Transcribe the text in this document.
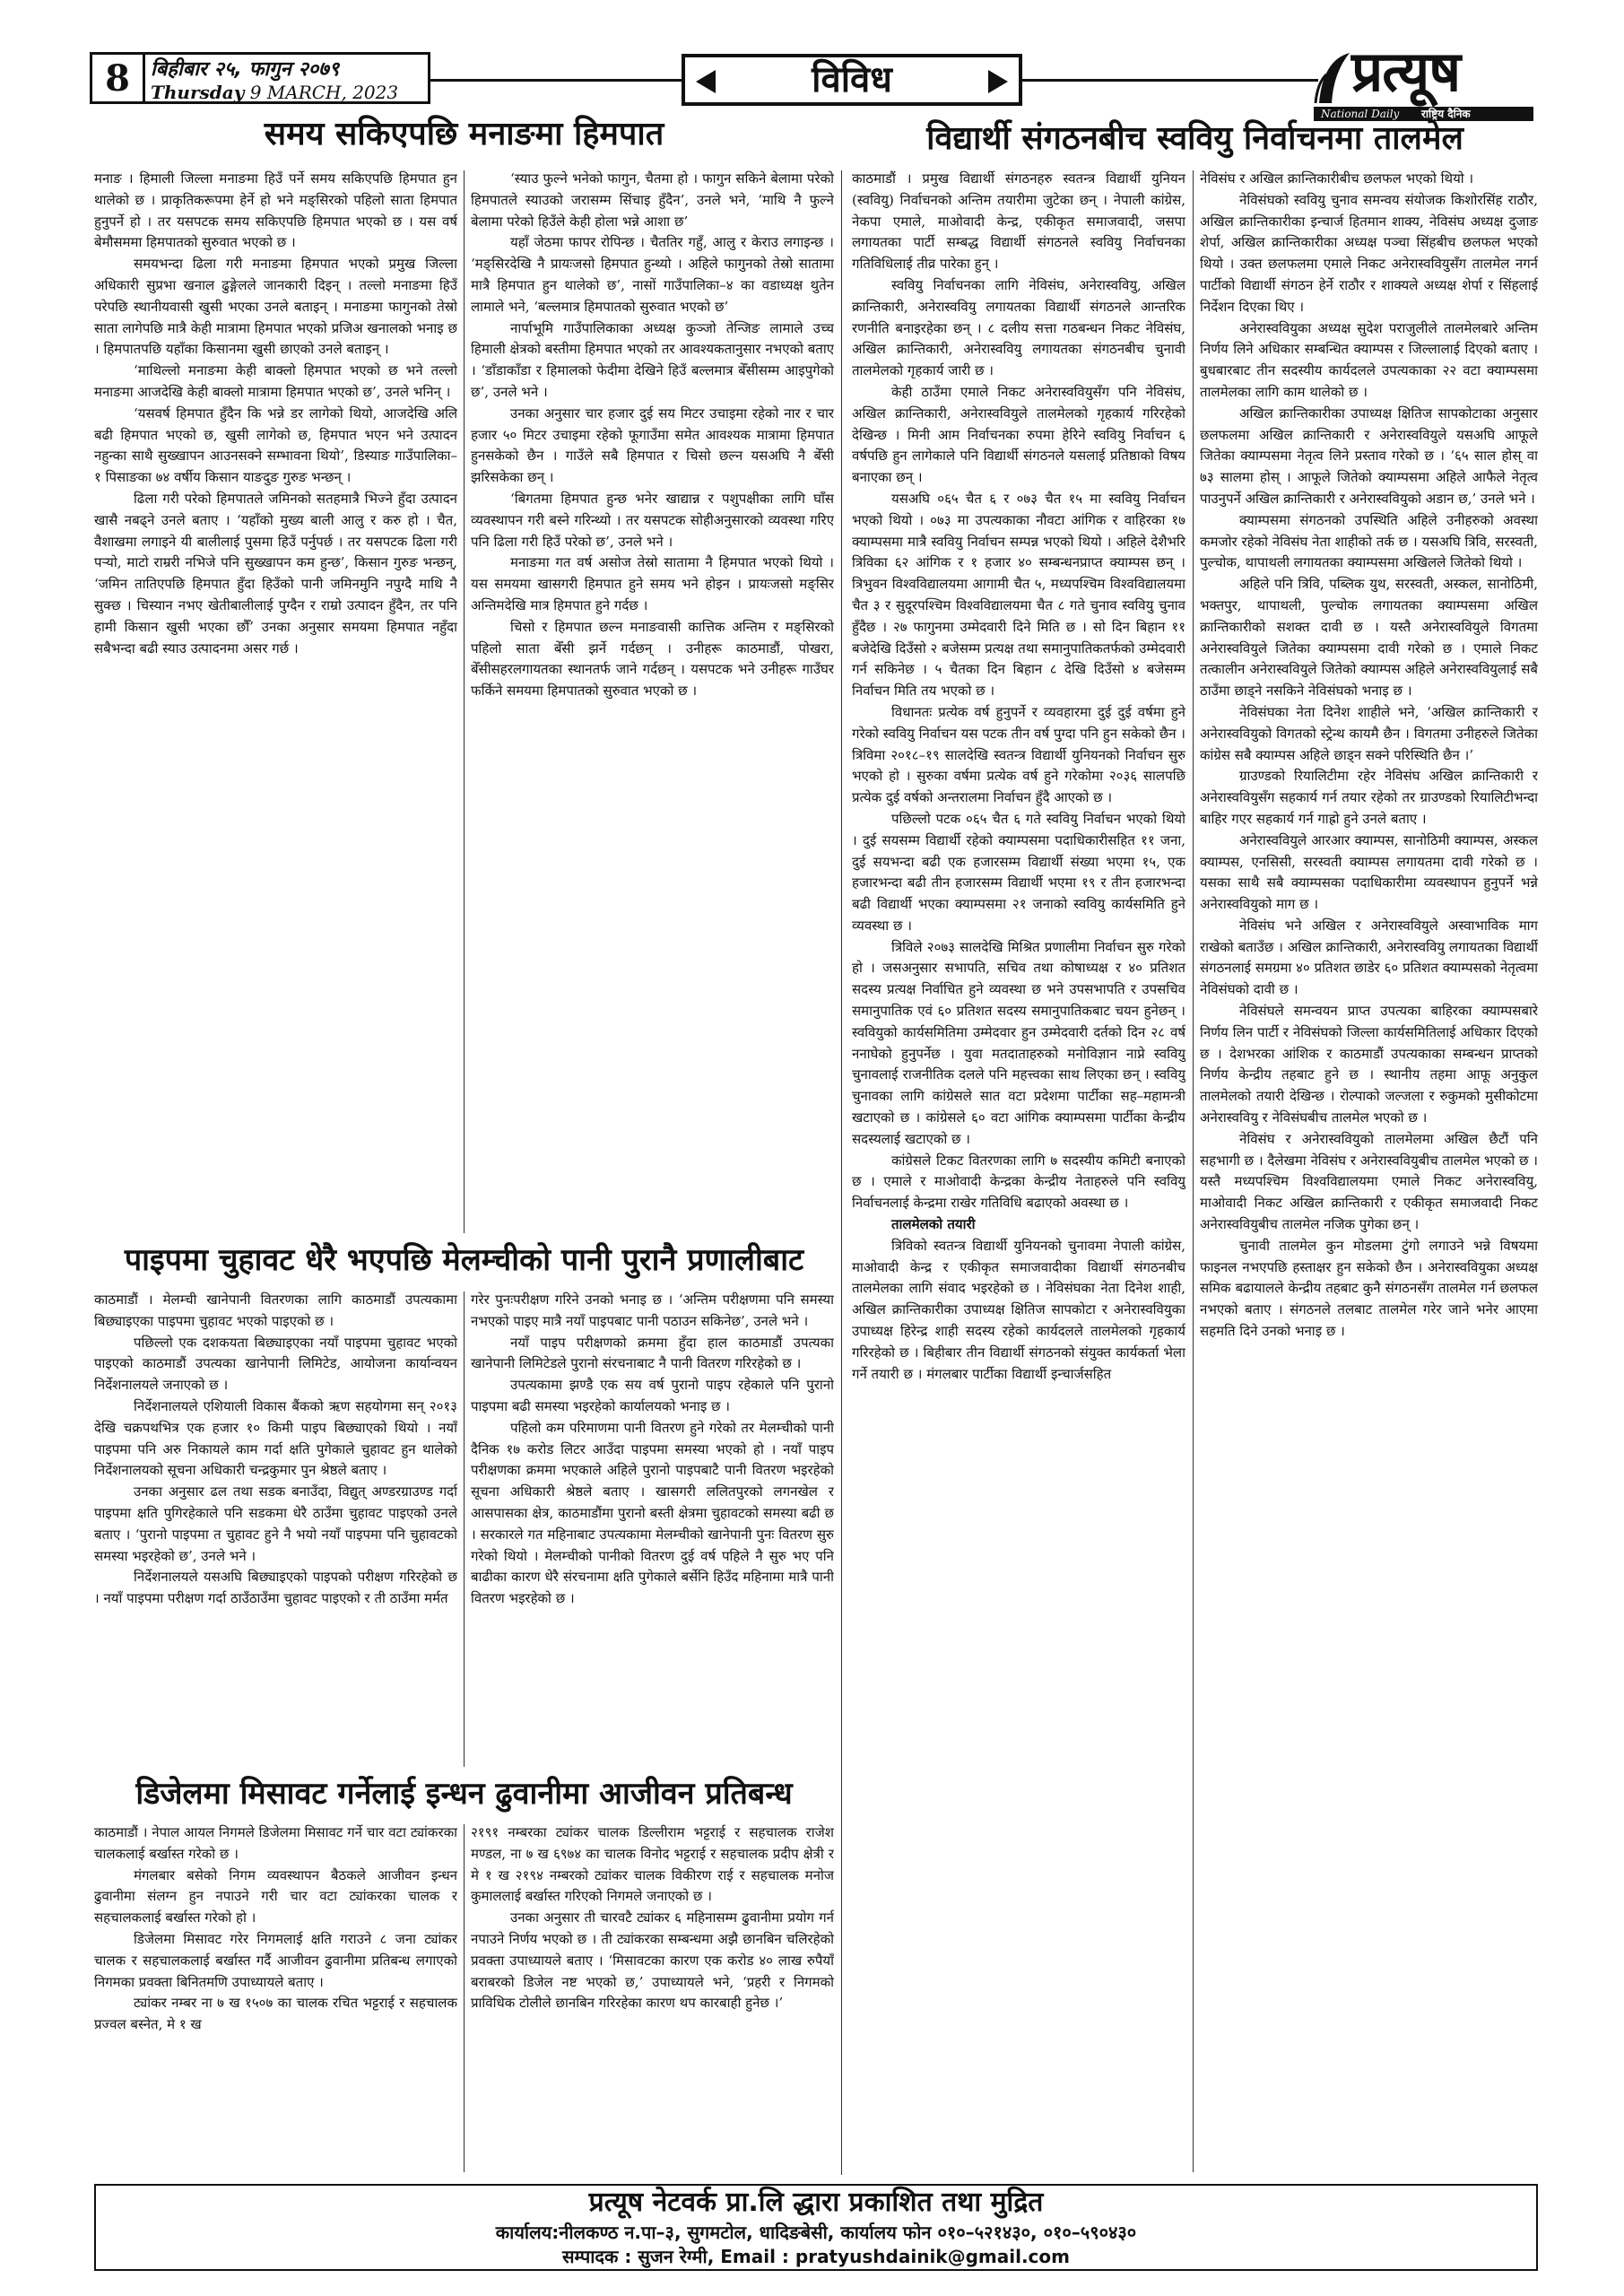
8	बिहीबार २५, फागुन २०७९
Thursday 9 MARCH, 2023	विविध	प्रत्यूष
National Daily राष्ट्रिय दैनिक
समय सकिएपछि मनाङमा हिमपात

मनाङ । हिमाली जिल्ला मनाङमा हिउँ पर्ने समय सकिएपछि हिमपात हुन थालेको छ । प्राकृतिकरूपमा हेर्ने हो भने मङ्सिरको पहिलो साता हिमपात हुनुपर्ने हो । तर यसपटक समय सकिएपछि हिमपात भएको छ । यस वर्ष बेमौसममा हिमपातको सुरुवात भएको छ ।

समयभन्दा ढिला गरी मनाङमा हिमपात भएको प्रमुख जिल्ला अधिकारी सुप्रभा खनाल ढुङ्गेलले जानकारी दिइन् । तल्लो मनाङमा हिउँ परेपछि स्थानीयवासी खुसी भएका उनले बताइन् । मनाङमा फागुनको तेस्रो साता लागेपछि मात्रै केही मात्रामा हिमपात भएको प्रजिअ खनालको भनाइ छ । हिमपातपछि यहाँका किसानमा खुसी छाएको उनले बताइन् ।

‘माथिल्लो मनाङमा केही बाक्लो हिमपात भएको छ भने तल्लो मनाङमा आजदेखि केही बाक्लो मात्रामा हिमपात भएको छ’, उनले भनिन् ।

‘यसवर्ष हिमपात हुँदैन कि भन्ने डर लागेको थियो, आजदेखि अलि बढी हिमपात भएको छ, खुसी लागेको छ, हिमपात भएन भने उत्पादन नहुन्का साथै सुख्खापन आउनसक्ने सम्भावना थियो’, डिस्याङ गाउँपालिका–१ पिसाङका ७४ वर्षीय किसान याङदुङ गुरुङ भन्छन् ।

ढिला गरी परेको हिमपातले जमिनको सतहमात्रै भिज्ने हुँदा उत्पादन खासै नबढ्ने उनले बताए । ‘यहाँको मुख्य बाली आलु र करु हो । चैत, वैशाखमा लगाइने यी बालीलाई पुसमा हिउँ पर्नुपर्छ । तर यसपटक ढिला गरी पऱ्यो, माटो राम्ररी नभिजे पनि सुख्खापन कम हुन्छ’, किसान गुरुङ भन्छन्, ‘जमिन तातिएपछि हिमपात हुँदा हिउँको पानी जमिनमुनि नपुग्दै माथि नै सुक्छ । चिस्यान नभए खेतीबालीलाई पुग्दैन र राम्रो उत्पादन हुँदैन, तर पनि हामी किसान खुसी भएका छौँ’ उनका अनुसार समयमा हिमपात नहुँदा सबैभन्दा बढी स्याउ उत्पादनमा असर गर्छ ।

‘स्याउ फुल्ने भनेको फागुन, चैतमा हो । फागुन सकिने बेलामा परेको हिमपातले स्याउको जरासम्म सिंचाइ हुँदैन’, उनले भने, ‘माथि नै फुल्ने बेलामा परेको हिउँले केही होला भन्ने आशा छ’

यहाँ जेठमा फापर रोपिन्छ । चैततिर गहुँ, आलु र केराउ लगाइन्छ । ‘मङ्सिरदेखि नै प्रायःजसो हिमपात हुन्थ्यो । अहिले फागुनको तेस्रो सातामा मात्रै हिमपात हुन थालेको छ’, नासों गाउँपालिका–४ का वडाध्यक्ष थुतेन लामाले भने, ‘बल्लमात्र हिमपातको सुरुवात भएको छ’

नार्पाभूमि गाउँपालिकाका अध्यक्ष कुञ्जो तेन्जिङ लामाले उच्च हिमाली क्षेत्रको बस्तीमा हिमपात भएको तर आवश्यकतानुसार नभएको बताए । ‘डाँडाकाँडा र हिमालको फेदीमा देखिने हिउँ बल्लमात्र बेँसीसम्म आइपुगेको छ’, उनले भने ।

उनका अनुसार चार हजार दुई सय मिटर उचाइमा रहेको नार र चार हजार ५० मिटर उचाइमा रहेको फूगाउँमा समेत आवश्यक मात्रामा हिमपात हुनसकेको छैन । गाउँले सबै हिमपात र चिसो छल्न यसअघि नै बेँसी झरिसकेका छन् ।

‘बिगतमा हिमपात हुन्छ भनेर खाद्यान्न र पशुपक्षीका लागि घाँस व्यवस्थापन गरी बस्ने गरिन्थ्यो । तर यसपटक सोहीअनुसारको व्यवस्था गरिए पनि ढिला गरी हिउँ परेको छ’, उनले भने ।

मनाङमा गत वर्ष असोज तेस्रो सातामा नै हिमपात भएको थियो । यस समयमा खासगरी हिमपात हुने समय भने होइन । प्रायःजसो मङ्सिर अन्तिमदेखि मात्र हिमपात हुने गर्दछ ।

चिसो र हिमपात छल्न मनाङवासी कात्तिक अन्तिम र मङ्सिरको पहिलो साता बेँसी झर्ने गर्दछन् । उनीहरू काठमाडौं, पोखरा, बेँसीसहरलगायतका स्थानतर्फ जाने गर्दछन् । यसपटक भने उनीहरू गाउँघर फर्किने समयमा हिमपातको सुरुवात भएको छ ।

पाइपमा चुहावट धेरै भएपछि मेलम्चीको पानी पुरानै प्रणालीबाट

काठमाडौं । मेलम्ची खानेपानी वितरणका लागि काठमाडौं उपत्यकामा बिछ्याइएका पाइपमा चुहावट भएको पाइएको छ ।

पछिल्लो एक दशकयता बिछ्याइएका नयाँ पाइपमा चुहावट भएको पाइएको काठमाडौं उपत्यका खानेपानी लिमिटेड, आयोजना कार्यान्वयन निर्देशनालयले जनाएको छ ।

निर्देशनालयले एशियाली विकास बैंकको ऋण सहयोगमा सन् २०१३ देखि चक्रपथभित्र एक हजार १० किमी पाइप बिछ्याएको थियो । नयाँ पाइपमा पनि अरु निकायले काम गर्दा क्षति पुगेकाले चुहावट हुन थालेको निर्देशनालयको सूचना अधिकारी चन्द्रकुमार पुन श्रेष्ठले बताए ।

उनका अनुसार ढल तथा सडक बनाउँदा, विद्युत् अण्डरग्राउण्ड गर्दा पाइपमा क्षति पुगिरहेकाले पनि सडकमा धेरै ठाउँमा चुहावट पाइएको उनले बताए । ‘पुरानो पाइपमा त चुहावट हुने नै भयो नयाँ पाइपमा पनि चुहावटको समस्या भइरहेको छ’, उनले भने ।

निर्देशनालयले यसअघि बिछ्याइएको पाइपको परीक्षण गरिरहेको छ । नयाँ पाइपमा परीक्षण गर्दा ठाउँठाउँमा चुहावट पाइएको र ती ठाउँमा मर्मत

गरेर पुनःपरीक्षण गरिने उनको भनाइ छ । ‘अन्तिम परीक्षणमा पनि समस्या नभएको पाइए मात्रै नयाँ पाइपबाट पानी पठाउन सकिनेछ’, उनले भने ।

नयाँ पाइप परीक्षणको क्रममा हुँदा हाल काठमाडौं उपत्यका खानेपानी लिमिटेडले पुरानो संरचनाबाट नै पानी वितरण गरिरहेको छ ।

उपत्यकामा झण्डै एक सय वर्ष पुरानो पाइप रहेकाले पनि पुरानो पाइपमा बढी समस्या भइरहेको कार्यालयको भनाइ छ ।

पहिलो कम परिमाणमा पानी वितरण हुने गरेको तर मेलम्चीको पानी दैनिक १७ करोड लिटर आउँदा पाइपमा समस्या भएको हो । नयाँ पाइप परीक्षणका क्रममा भएकाले अहिले पुरानो पाइपबाटै पानी वितरण भइरहेको सूचना अधिकारी श्रेष्ठले बताए । खासगरी ललितपुरको लगनखेल र आसपासका क्षेत्र, काठमाडौंमा पुरानो बस्ती क्षेत्रमा चुहावटको समस्या बढी छ । सरकारले गत महिनाबाट उपत्यकामा मेलम्चीको खानेपानी पुनः वितरण सुरु गरेको थियो । मेलम्चीको पानीको वितरण दुई वर्ष पहिले नै सुरु भए पनि बाढीका कारण धेरै संरचनामा क्षति पुगेकाले बर्सेनि हिउँद महिनामा मात्रै पानी वितरण भइरहेको छ ।

डिजेलमा मिसावट गर्नेलाई इन्धन ढुवानीमा आजीवन प्रतिबन्ध

काठमाडौं । नेपाल आयल निगमले डिजेलमा मिसावट गर्ने चार वटा ट्यांकरका चालकलाई बर्खास्त गरेको छ ।

मंगलबार बसेको निगम व्यवस्थापन बैठकले आजीवन इन्धन ढुवानीमा संलग्न हुन नपाउने गरी चार वटा ट्यांकरका चालक र सहचालकलाई बर्खास्त गरेको हो ।

डिजेलमा मिसावट गरेर निगमलाई क्षति गराउने ८ जना ट्यांकर चालक र सहचालकलाई बर्खास्त गर्दै आजीवन ढुवानीमा प्रतिबन्ध लगाएको निगमका प्रवक्ता बिनितमणि उपाध्यायले बताए ।

ट्यांकर नम्बर ना ७ ख १५०७ का चालक रचित भट्टराई र सहचालक प्रज्वल बस्नेत, मे १ ख

२१९१ नम्बरका ट्यांकर चालक डिल्लीराम भट्टराई र सहचालक राजेश मण्डल, ना ७ ख ६९७४ का चालक विनोद भट्टराई र सहचालक प्रदीप क्षेत्री र मे १ ख २१९४ नम्बरको ट्यांकर चालक विकीरण राई र सहचालक मनोज कुमाललाई बर्खास्त गरिएको निगमले जनाएको छ ।

उनका अनुसार ती चारवटै ट्यांकर ६ महिनासम्म ढुवानीमा प्रयोग गर्न नपाउने निर्णय भएको छ । ती ट्यांकरका सम्बन्धमा अझै छानबिन चलिरहेको प्रवक्ता उपाध्यायले बताए । ‘मिसावटका कारण एक करोड ४० लाख रुपैयाँ बराबरको डिजेल नष्ट भएको छ,’ उपाध्यायले भने, ‘प्रहरी र निगमको प्राविधिक टोलीले छानबिन गरिरहेका कारण थप कारबाही हुनेछ ।’

विद्यार्थी संगठनबीच स्ववियु निर्वाचनमा तालमेल

काठमाडौं । प्रमुख विद्यार्थी संगठनहरु स्वतन्त्र विद्यार्थी युनियन (स्ववियु) निर्वाचनको अन्तिम तयारीमा जुटेका छन् । नेपाली कांग्रेस, नेकपा एमाले, माओवादी केन्द्र, एकीकृत समाजवादी, जसपा लगायतका पार्टी सम्बद्ध विद्यार्थी संगठनले स्ववियु निर्वाचनका गतिविधिलाई तीव्र पारेका हुन् ।

स्ववियु निर्वाचनका लागि नेविसंघ, अनेरास्ववियु, अखिल क्रान्तिकारी, अनेरास्ववियु लगायतका विद्यार्थी संगठनले आन्तरिक रणनीति बनाइरहेका छन् । ८ दलीय सत्ता गठबन्धन निकट नेविसंघ, अखिल क्रान्तिकारी, अनेरास्ववियु लगायतका संगठनबीच चुनावी तालमेलको गृहकार्य जारी छ ।

केही ठाउँमा एमाले निकट अनेरास्ववियुसँग पनि नेविसंघ, अखिल क्रान्तिकारी, अनेरास्ववियुले तालमेलको गृहकार्य गरिरहेको देखिन्छ । मिनी आम निर्वाचनका रुपमा हेरिने स्ववियु निर्वाचन ६ वर्षपछि हुन लागेकाले पनि विद्यार्थी संगठनले यसलाई प्रतिष्ठाको विषय बनाएका छन् ।

यसअघि ०६५ चैत ६ र ०७३ चैत १५ मा स्ववियु निर्वाचन भएको थियो । ०७३ मा उपत्यकाका नौवटा आंगिक र वाहिरका १७ क्याम्पसमा मात्रै स्ववियु निर्वाचन सम्पन्न भएको थियो । अहिले देशैभरि त्रिविका ६२ आंगिक र १ हजार ४० सम्बन्धनप्राप्त क्याम्पस छन् । त्रिभुवन विश्वविद्यालयमा आगामी चैत ५, मध्यपश्चिम विश्वविद्यालयमा चैत ३ र सुदूरपश्चिम विश्वविद्यालयमा चैत ८ गते चुनाव स्ववियु चुनाव हुँदैछ । २७ फागुनमा उम्मेदवारी दिने मिति छ । सो दिन बिहान ११ बजेदेखि दिउँसो २ बजेसम्म प्रत्यक्ष तथा समानुपातिकतर्फको उम्मेदवारी गर्न सकिनेछ । ५ चैतका दिन बिहान ८ देखि दिउँसो ४ बजेसम्म निर्वाचन मिति तय भएको छ ।

विधानतः प्रत्येक वर्ष हुनुपर्ने र व्यवहारमा दुई दुई वर्षमा हुने गरेको स्ववियु निर्वाचन यस पटक तीन वर्ष पुग्दा पनि हुन सकेको छैन । त्रिविमा २०१८–१९ सालदेखि स्वतन्त्र विद्यार्थी युनियनको निर्वाचन सुरु भएको हो । सुरुका वर्षमा प्रत्येक वर्ष हुने गरेकोमा २०३६ सालपछि प्रत्येक दुई वर्षको अन्तरालमा निर्वाचन हुँदै आएको छ ।

पछिल्लो पटक ०६५ चैत ६ गते स्ववियु निर्वाचन भएको थियो । दुई सयसम्म विद्यार्थी रहेको क्याम्पसमा पदाधिकारीसहित ११ जना, दुई सयभन्दा बढी एक हजारसम्म विद्यार्थी संख्या भएमा १५, एक हजारभन्दा बढी तीन हजारसम्म विद्यार्थी भएमा १९ र तीन हजारभन्दा बढी विद्यार्थी भएका क्याम्पसमा २१ जनाको स्ववियु कार्यसमिति हुने व्यवस्था छ ।

त्रिविले २०७३ सालदेखि मिश्रित प्रणालीमा निर्वाचन सुरु गरेको हो । जसअनुसार सभापति, सचिव तथा कोषाध्यक्ष र ४० प्रतिशत सदस्य प्रत्यक्ष निर्वाचित हुने व्यवस्था छ भने उपसभापति र उपसचिव समानुपातिक एवं ६० प्रतिशत सदस्य समानुपातिकबाट चयन हुनेछन् । स्ववियुको कार्यसमितिमा उम्मेदवार हुन उम्मेदवारी दर्तको दिन २८ वर्ष ननाघेको हुनुपर्नेछ । युवा मतदाताहरुको मनोविज्ञान नाप्ने स्ववियु चुनावलाई राजनीतिक दलले पनि महत्त्वका साथ लिएका छन् । स्ववियु चुनावका लागि कांग्रेसले सात वटा प्रदेशमा पार्टीका सह–महामन्त्री खटाएको छ । कांग्रेसले ६० वटा आंगिक क्याम्पसमा पार्टीका केन्द्रीय सदस्यलाई खटाएको छ ।

कांग्रेसले टिकट वितरणका लागि ७ सदस्यीय कमिटी बनाएको छ । एमाले र माओवादी केन्द्रका केन्द्रीय नेताहरुले पनि स्ववियु निर्वाचनलाई केन्द्रमा राखेर गतिविधि बढाएको अवस्था छ ।

तालमेलको तयारी

त्रिविको स्वतन्त्र विद्यार्थी युनियनको चुनावमा नेपाली कांग्रेस, माओवादी केन्द्र र एकीकृत समाजवादीका विद्यार्थी संगठनबीच तालमेलका लागि संवाद भइरहेको छ । नेविसंघका नेता दिनेश शाही, अखिल क्रान्तिकारीका उपाध्यक्ष क्षितिज सापकोटा र अनेरास्ववियुका उपाध्यक्ष हिरेन्द्र शाही सदस्य रहेको कार्यदलले तालमेलको गृहकार्य गरिरहेको छ । बिहीबार तीन विद्यार्थी संगठनको संयुक्त कार्यकर्ता भेला गर्ने तयारी छ । मंगलबार पार्टीका विद्यार्थी इन्चार्जसहित

नेविसंघ र अखिल क्रान्तिकारीबीच छलफल भएको थियो ।

नेविसंघको स्ववियु चुनाव समन्वय संयोजक किशोरसिंह राठौर, अखिल क्रान्तिकारीका इन्चार्ज हितमान शाक्य, नेविसंघ अध्यक्ष दुजाङ शेर्पा, अखिल क्रान्तिकारीका अध्यक्ष पञ्चा सिंहबीच छलफल भएको थियो । उक्त छलफलमा एमाले निकट अनेरास्ववियुसँग तालमेल नगर्न पार्टीको विद्यार्थी संगठन हेर्ने राठौर र शाक्यले अध्यक्ष शेर्पा र सिंहलाई निर्देशन दिएका थिए ।

अनेरास्ववियुका अध्यक्ष सुदेश पराजुलीले तालमेलबारे अन्तिम निर्णय लिने अधिकार सम्बन्धित क्याम्पस र जिल्लालाई दिएको बताए । बुधबारबाट तीन सदस्यीय कार्यदलले उपत्यकाका २२ वटा क्याम्पसमा तालमेलका लागि काम थालेको छ ।

अखिल क्रान्तिकारीका उपाध्यक्ष क्षितिज सापकोटाका अनुसार छलफलमा अखिल क्रान्तिकारी र अनेरास्ववियुले यसअघि आफूले जितेका क्याम्पसमा नेतृत्व लिने प्रस्ताव गरेको छ । ‘६५ साल होस् वा ७३ सालमा होस् । आफूले जितेको क्याम्पसमा अहिले आफैले नेतृत्व पाउनुपर्ने अखिल क्रान्तिकारी र अनेरास्ववियुको अडान छ,’ उनले भने ।

क्याम्पसमा संगठनको उपस्थिति अहिले उनीहरुको अवस्था कमजोर रहेको नेविसंघ नेता शाहीको तर्क छ । यसअघि त्रिवि, सरस्वती, पुल्चोक, थापाथली लगायतका क्याम्पसमा अखिलले जितेको थियो ।

अहिले पनि त्रिवि, पब्लिक युथ, सरस्वती, अस्कल, सानोठिमी, भक्तपुर, थापाथली, पुल्चोक लगायतका क्याम्पसमा अखिल क्रान्तिकारीको सशक्त दावी छ । यस्तै अनेरास्ववियुले विगतमा अनेरास्ववियुले जितेका क्याम्पसमा दावी गरेको छ । एमाले निकट तत्कालीन अनेरास्ववियुले जितेको क्याम्पस अहिले अनेरास्ववियुलाई सबै ठाउँमा छाड्ने नसकिने नेविसंघको भनाइ छ ।

नेविसंघका नेता दिनेश शाहीले भने, ‘अखिल क्रान्तिकारी र अनेरास्ववियुको विगतको स्ट्रेन्थ कायमै छैन । विगतमा उनीहरुले जितेका कांग्रेस सबै क्याम्पस अहिले छाड्न सक्ने परिस्थिति छैन ।’

ग्राउण्डको रियालिटीमा रहेर नेविसंघ अखिल क्रान्तिकारी र अनेरास्ववियुसँग सहकार्य गर्न तयार रहेको तर ग्राउण्डको रियालिटीभन्दा बाहिर गएर सहकार्य गर्न गाह्रो हुने उनले बताए ।

अनेरास्ववियुले आरआर क्याम्पस, सानोठिमी क्याम्पस, अस्कल क्याम्पस, एनसिसी, सरस्वती क्याम्पस लगायतमा दावी गरेको छ । यसका साथै सबै क्याम्पसका पदाधिकारीमा व्यवस्थापन हुनुपर्ने भन्ने अनेरास्ववियुको माग छ ।

नेविसंघ भने अखिल र अनेरास्ववियुले अस्वाभाविक माग राखेको बताउँछ । अखिल क्रान्तिकारी, अनेरास्ववियु लगायतका विद्यार्थी संगठनलाई समग्रमा ४० प्रतिशत छाडेर ६० प्रतिशत क्याम्पसको नेतृत्वमा नेविसंघको दावी छ ।

नेविसंघले समन्वयन प्राप्त उपत्यका बाहिरका क्याम्पसबारे निर्णय लिन पार्टी र नेविसंघको जिल्ला कार्यसमितिलाई अधिकार दिएको छ । देशभरका आंशिक र काठमाडौं उपत्यकाका सम्बन्धन प्राप्तको निर्णय केन्द्रीय तहबाट हुने छ । स्थानीय तहमा आफू अनुकुल तालमेलको तयारी देखिन्छ । रोल्पाको जल्जला र रुकुमको मुसीकोटमा अनेरास्ववियु र नेविसंघबीच तालमेल भएको छ ।

नेविसंघ र अनेरास्ववियुको तालमेलमा अखिल छैटौं पनि सहभागी छ । दैलेखमा नेविसंघ र अनेरास्ववियुबीच तालमेल भएको छ । यस्तै मध्यपश्चिम विश्वविद्यालयमा एमाले निकट अनेरास्ववियु, माओवादी निकट अखिल क्रान्तिकारी र एकीकृत समाजवादी निकट अनेरास्ववियुबीच तालमेल नजिक पुगेका छन् ।

चुनावी तालमेल कुन मोडलमा टुंगो लगाउने भन्ने विषयमा फाइनल नभएपछि हस्ताक्षर हुन सकेको छैन । अनेरास्ववियुका अध्यक्ष समिक बढायालले केन्द्रीय तहबाट कुनै संगठनसँग तालमेल गर्न छलफल नभएको बताए । संगठनले तलबाट तालमेल गरेर जाने भनेर आएमा सहमति दिने उनको भनाइ छ ।

प्रत्यूष नेटवर्क प्रा.लि द्धारा प्रकाशित तथा मुद्रित
कार्यालय:नीलकण्ठ न.पा–३, सुगमटोल, धादिङबेसी, कार्यालय फोन ०१०–५२१४३०, ०१०–५९०४३०
सम्पादक : सुजन रेग्मी, Email : pratyushdainik@gmail.com
